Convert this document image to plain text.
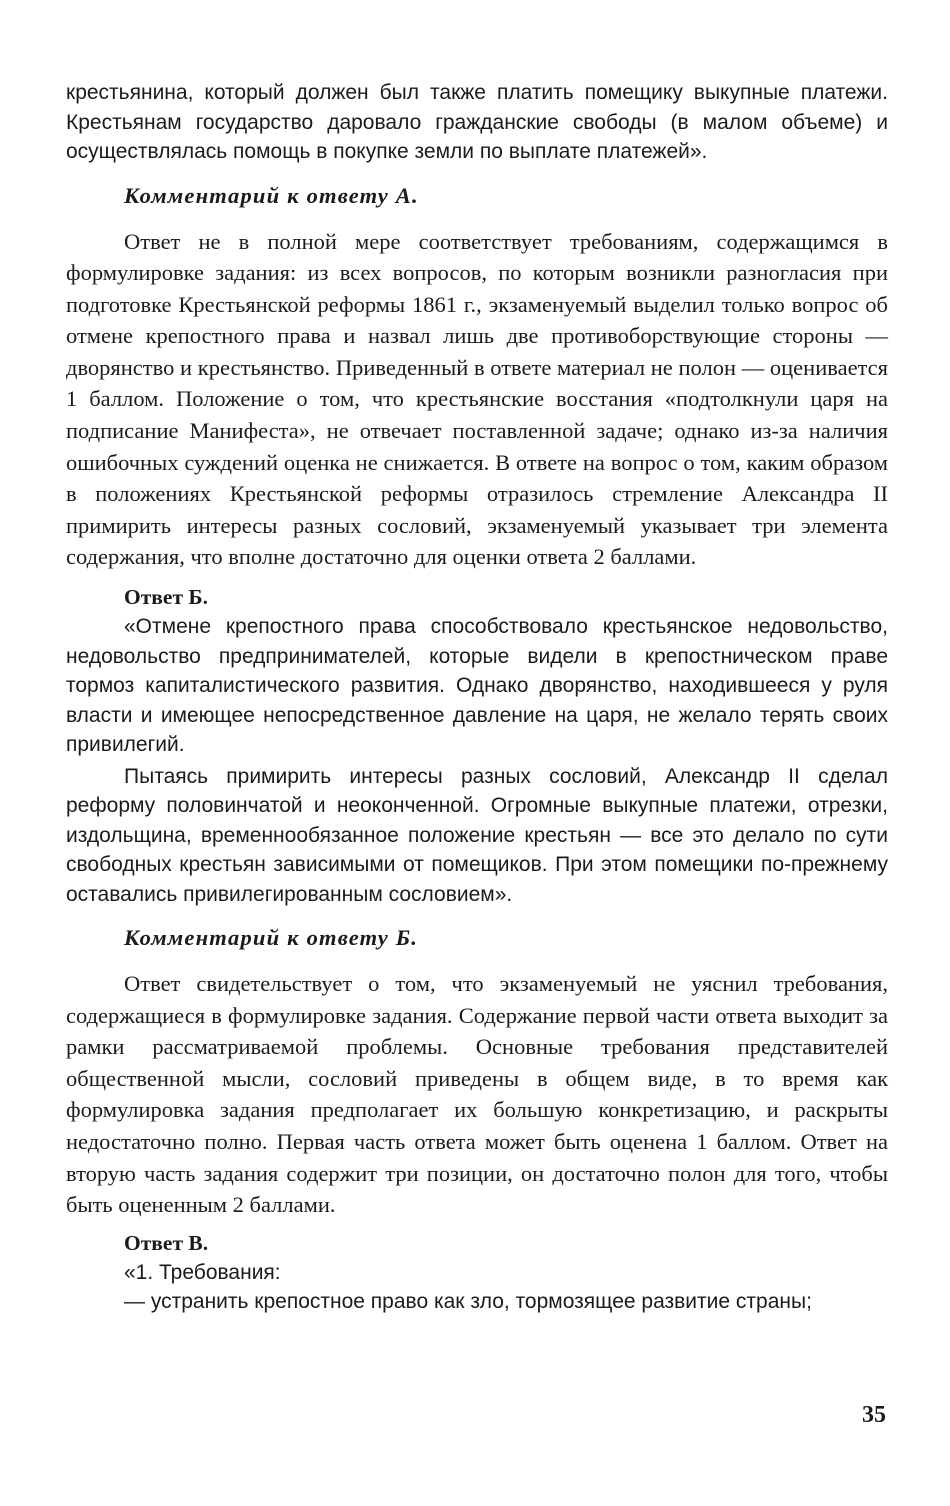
крестьянина, который должен был также платить помещику выкупные платежи. Крестьянам государство даровало гражданские свободы (в малом объеме) и осуществлялась помощь в покупке земли по выплате платежей».

Комментарий к ответу А.

Ответ не в полной мере соответствует требованиям, содержащимся в формулировке задания: из всех вопросов, по которым возникли разногласия при подготовке Крестьянской реформы 1861 г., экзаменуемый выделил только вопрос об отмене крепостного права и назвал лишь две противоборствующие стороны — дворянство и крестьянство. Приведенный в ответе материал не полон — оценивается 1 баллом. Положение о том, что крестьянские восстания «подтолкнули царя на подписание Манифеста», не отвечает поставленной задаче; однако из-за наличия ошибочных суждений оценка не снижается. В ответе на вопрос о том, каким образом в положениях Крестьянской реформы отразилось стремление Александра II примирить интересы разных сословий, экзаменуемый указывает три элемента содержания, что вполне достаточно для оценки ответа 2 баллами.

Ответ Б.

«Отмене крепостного права способствовало крестьянское недовольство, недовольство предпринимателей, которые видели в крепостническом праве тормоз капиталистического развития. Однако дворянство, находившееся у руля власти и имеющее непосредственное давление на царя, не желало терять своих привилегий.

Пытаясь примирить интересы разных сословий, Александр II сделал реформу половинчатой и неоконченной. Огромные выкупные платежи, отрезки, издольщина, временнообязанное положение крестьян — все это делало по сути свободных крестьян зависимыми от помещиков. При этом помещики по-прежнему оставались привилегированным сословием».

Комментарий к ответу Б.

Ответ свидетельствует о том, что экзаменуемый не уяснил требования, содержащиеся в формулировке задания. Содержание первой части ответа выходит за рамки рассматриваемой проблемы. Основные требования представителей общественной мысли, сословий приведены в общем виде, в то время как формулировка задания предполагает их большую конкретизацию, и раскрыты недостаточно полно. Первая часть ответа может быть оценена 1 баллом. Ответ на вторую часть задания содержит три позиции, он достаточно полон для того, чтобы быть оцененным 2 баллами.

Ответ В.

«1. Требования:

— устранить крепостное право как зло, тормозящее развитие страны;

35
